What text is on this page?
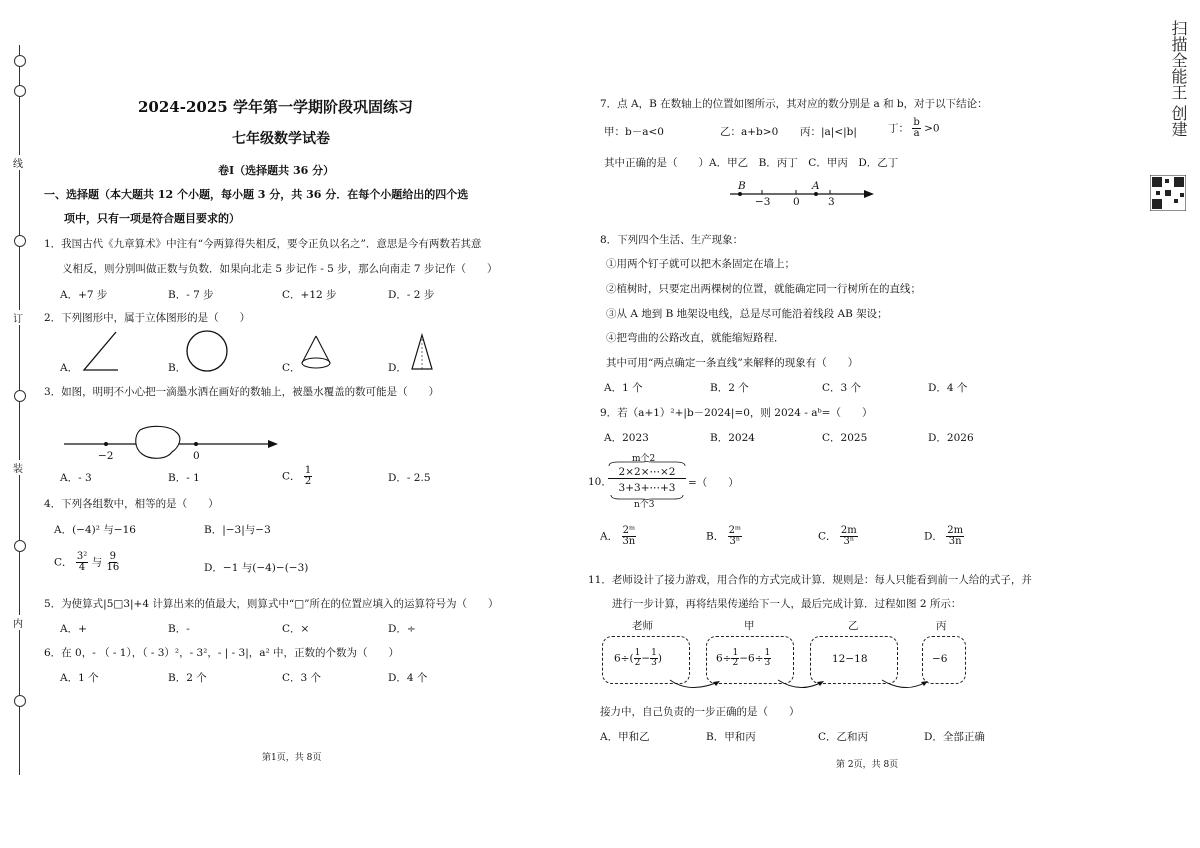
线
订
装
内
扫描全能王 创建
2024-2025 学年第一学期阶段巩固练习
七年级数学试卷
卷Ⅰ（选择题共 36 分）
一、选择题（本大题共 12 个小题，每小题 3 分，共 36 分．在每个小题给出的四个选
项中，只有一项是符合题目要求的）
1．我国古代《九章算术》中注有“今两算得失相反，要令正负以名之”．意思是今有两数若其意
义相反，则分别叫做正数与负数．如果向北走 5 步记作 - 5 步，那么向南走 7 步记作（　　）
A．+7 步	B．- 7 步	C．+12 步	D．- 2 步
2．下列图形中，属于立体图形的是（　　）
A．	B．	C．	D．
3．如图，明明不小心把一滴墨水洒在画好的数轴上，被墨水覆盖的数可能是（　　）
−2	0
A．- 3	B．- 1	C． $\frac{1}{2}$	D．- 2.5
4．下列各组数中，相等的是（　　）
A．(−4)² 与−16	B．|−3|与−3
C． $\frac{\text{3²}}{4}$ 与 $\frac{9}{16}$	D．−1 与(−4)−(−3)
5．为使算式|5□3|+4 计算出来的值最大，则算式中“□”所在的位置应填入的运算符号为（　　）
A．+	B．-	C．×	D．÷
6．在 0，- （ - 1），（ - 3）²，- 3²，- | - 3|，a² 中，正数的个数为（　　）
A．1 个	B．2 个	C．3 个	D．4 个
第1页，共 8页
7．点 A，B 在数轴上的位置如图所示，其对应的数分别是 a 和 b，对于以下结论：
甲：b－a<0	乙：a+b>0 丙：|a|<|b|	丁： $\frac{b}{a} >0$
其中正确的是（　　）A．甲乙　B．丙丁　C．甲丙　D．乙丁
B	A
−3 0	3
8．下列四个生活、生产现象：
①用两个钉子就可以把木条固定在墙上；
②植树时，只要定出两棵树的位置，就能确定同一行树所在的直线；
③从 A 地到 B 地架设电线，总是尽可能沿着线段 AB 架设；
④把弯曲的公路改直，就能缩短路程．
其中可用“两点确定一条直线”来解释的现象有（　　）
A．1 个	B．2 个	C．3 个	D．4 个
9．若（a+1）²+|b－2024|=0，则 2024 - aᵇ=（　　）
A．2023	B．2024	C．2025	D．2026
10．
m个2
2×2×⋯×2
3+3+⋯+3
n个3
=（　　）
A． $\frac{\text{2ᵐ}}{3n}$	B． $\frac{\text{2ᵐ}}{\text{3ⁿ}}$	C． $\frac{2m}{\text{3ⁿ}}$	D． $\frac{2m}{3n}$
11．老师设计了接力游戏，用合作的方式完成计算．规则是：每人只能看到前一人给的式子，并
进行一步计算，再将结果传递给下一人，最后完成计算．过程如图 2 所示：
老师	甲	乙	丙
$6\div( \frac{1}{2} - \frac{1}{3}$ )	$6\div \frac{1}{2} -6\div \frac{1}{3}$	12−18	−6
接力中，自己负责的一步正确的是（　　）
A．甲和乙	B．甲和丙	C．乙和丙	D．全部正确
第 2页，共 8页
